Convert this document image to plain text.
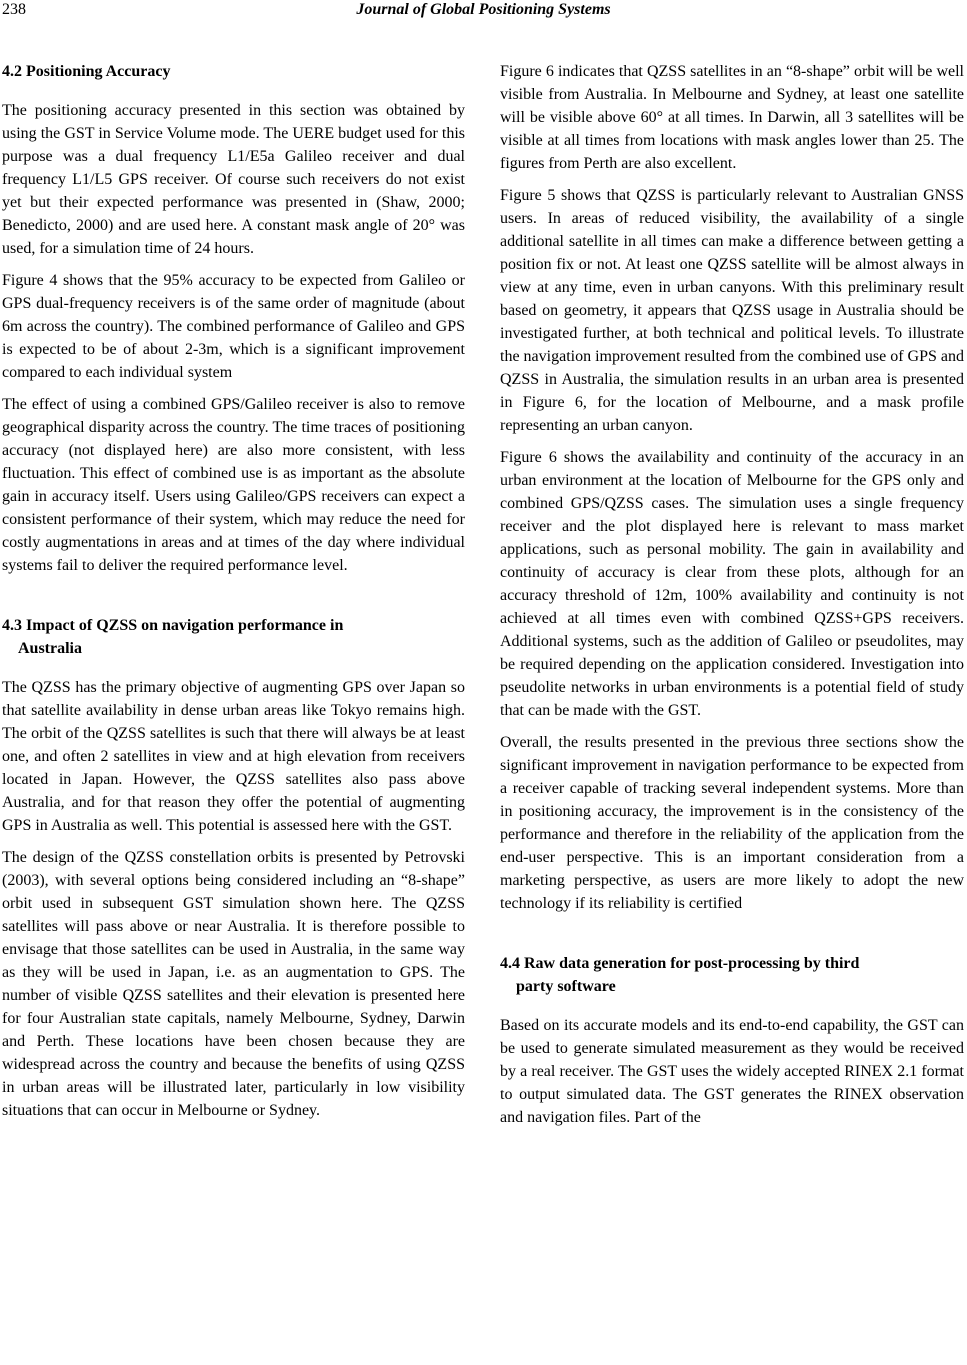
238	Journal of Global Positioning Systems
4.2 Positioning Accuracy

The positioning accuracy presented in this section was obtained by using the GST in Service Volume mode. The UERE budget used for this purpose was a dual frequency L1/E5a Galileo receiver and dual frequency L1/L5 GPS receiver. Of course such receivers do not exist yet but their expected performance was presented in (Shaw, 2000; Benedicto, 2000) and are used here. A constant mask angle of 20° was used, for a simulation time of 24 hours.

Figure 4 shows that the 95% accuracy to be expected from Galileo or GPS dual-frequency receivers is of the same order of magnitude (about 6m across the country). The combined performance of Galileo and GPS is expected to be of about 2-3m, which is a significant improvement compared to each individual system

The effect of using a combined GPS/Galileo receiver is also to remove geographical disparity across the country. The time traces of positioning accuracy (not displayed here) are also more consistent, with less fluctuation. This effect of combined use is as important as the absolute gain in accuracy itself. Users using Galileo/GPS receivers can expect a consistent performance of their system, which may reduce the need for costly augmentations in areas and at times of the day where individual systems fail to deliver the required performance level.

4.3 Impact of QZSS on navigation performance in
Australia

The QZSS has the primary objective of augmenting GPS over Japan so that satellite availability in dense urban areas like Tokyo remains high. The orbit of the QZSS satellites is such that there will always be at least one, and often 2 satellites in view and at high elevation from receivers located in Japan. However, the QZSS satellites also pass above Australia, and for that reason they offer the potential of augmenting GPS in Australia as well. This potential is assessed here with the GST.

The design of the QZSS constellation orbits is presented by Petrovski (2003), with several options being considered including an “8-shape” orbit used in subsequent GST simulation shown here. The QZSS satellites will pass above or near Australia. It is therefore possible to envisage that those satellites can be used in Australia, in the same way as they will be used in Japan, i.e. as an augmentation to GPS. The number of visible QZSS satellites and their elevation is presented here for four Australian state capitals, namely Melbourne, Sydney, Darwin and Perth. These locations have been chosen because they are widespread across the country and because the benefits of using QZSS in urban areas will be illustrated later, particularly in low visibility situations that can occur in Melbourne or Sydney.

Figure 6 indicates that QZSS satellites in an “8-shape” orbit will be well visible from Australia. In Melbourne and Sydney, at least one satellite will be visible above 60° at all times. In Darwin, all 3 satellites will be visible at all times from locations with mask angles lower than 25. The figures from Perth are also excellent.

Figure 5 shows that QZSS is particularly relevant to Australian GNSS users. In areas of reduced visibility, the availability of a single additional satellite in all times can make a difference between getting a position fix or not. At least one QZSS satellite will be almost always in view at any time, even in urban canyons. With this preliminary result based on geometry, it appears that QZSS usage in Australia should be investigated further, at both technical and political levels. To illustrate the navigation improvement resulted from the combined use of GPS and QZSS in Australia, the simulation results in an urban area is presented in Figure 6, for the location of Melbourne, and a mask profile representing an urban canyon.

Figure 6 shows the availability and continuity of the accuracy in an urban environment at the location of Melbourne for the GPS only and combined GPS/QZSS cases. The simulation uses a single frequency receiver and the plot displayed here is relevant to mass market applications, such as personal mobility. The gain in availability and continuity of accuracy is clear from these plots, although for an accuracy threshold of 12m, 100% availability and continuity is not achieved at all times even with combined QZSS+GPS receivers. Additional systems, such as the addition of Galileo or pseudolites, may be required depending on the application considered. Investigation into pseudolite networks in urban environments is a potential field of study that can be made with the GST.

Overall, the results presented in the previous three sections show the significant improvement in navigation performance to be expected from a receiver capable of tracking several independent systems. More than in positioning accuracy, the improvement is in the consistency of the performance and therefore in the reliability of the application from the end-user perspective. This is an important consideration from a marketing perspective, as users are more likely to adopt the new technology if its reliability is certified

4.4 Raw data generation for post-processing by third
party software

Based on its accurate models and its end-to-end capability, the GST can be used to generate simulated measurement as they would be received by a real receiver. The GST uses the widely accepted RINEX 2.1 format to output simulated data. The GST generates the RINEX observation and navigation files. Part of the
